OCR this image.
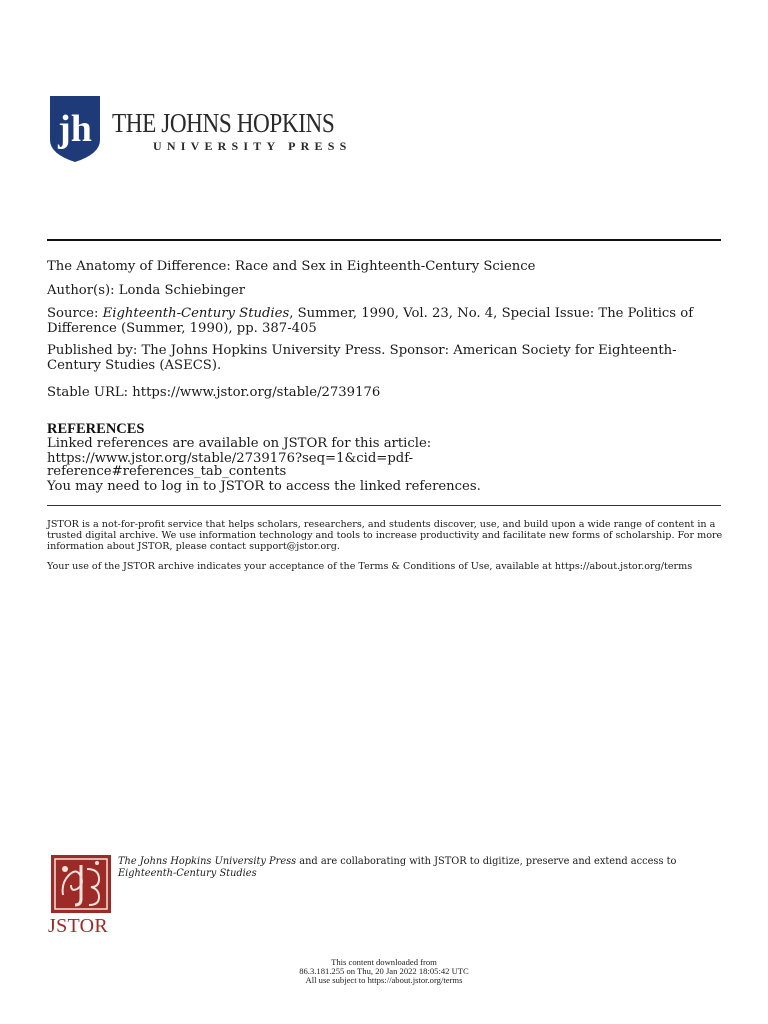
jh THE JOHNS HOPKINS
UNIVERSITY PRESS
The Anatomy of Difference: Race and Sex in Eighteenth-Century Science
Author(s): Londa Schiebinger
Source: Eighteenth-Century Studies, Summer, 1990, Vol. 23, No. 4, Special Issue: The Politics of Difference (Summer, 1990), pp. 387-405
Published by: The Johns Hopkins University Press. Sponsor: American Society for Eighteenth-Century Studies (ASECS).
Stable URL: https://www.jstor.org/stable/2739176
REFERENCES
Linked references are available on JSTOR for this article:
https://www.jstor.org/stable/2739176?seq=1&cid=pdf-
reference#references_tab_contents
You may need to log in to JSTOR to access the linked references.
JSTOR is a not-for-profit service that helps scholars, researchers, and students discover, use, and build upon a wide range of content in a trusted digital archive. We use information technology and tools to increase productivity and facilitate new forms of scholarship. For more information about JSTOR, please contact support@jstor.org.
Your use of the JSTOR archive indicates your acceptance of the Terms & Conditions of Use, available at https://about.jstor.org/terms
JSTOR
The Johns Hopkins University Press and are collaborating with JSTOR to digitize, preserve and extend access to Eighteenth-Century Studies
This content downloaded from
86.3.181.255 on Thu, 20 Jan 2022 18:05:42 UTC
All use subject to https://about.jstor.org/terms
